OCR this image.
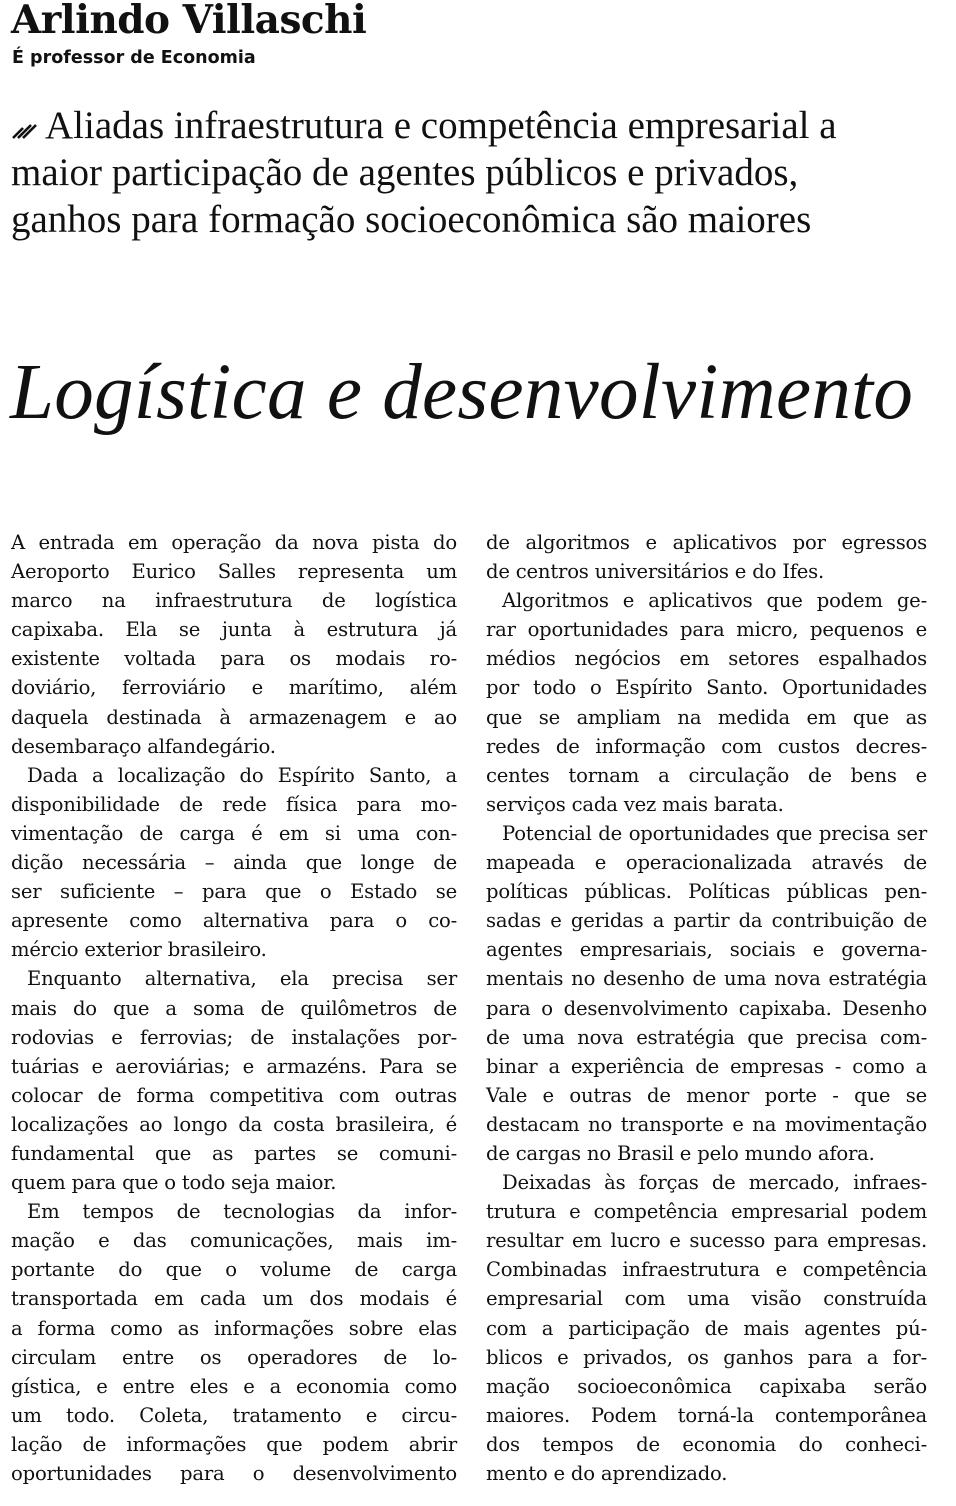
Arlindo Villaschi
É professor de Economia
Aliadas infraestrutura e competência empresarial a
maior participação de agentes públicos e privados,
ganhos para formação socioeconômica são maiores
Logística e desenvolvimento
A entrada em operação da nova pista do
Aeroporto Eurico Salles representa um
marco na infraestrutura de logística
capixaba. Ela se junta à estrutura já
existente voltada para os modais ro-
doviário, ferroviário e marítimo, além
daquela destinada à armazenagem e ao
desembaraço alfandegário.
Dada a localização do Espírito Santo, a
disponibilidade de rede física para mo-
vimentação de carga é em si uma con-
dição necessária – ainda que longe de
ser suficiente – para que o Estado se
apresente como alternativa para o co-
mércio exterior brasileiro.
Enquanto alternativa, ela precisa ser
mais do que a soma de quilômetros de
rodovias e ferrovias; de instalações por-
tuárias e aeroviárias; e armazéns. Para se
colocar de forma competitiva com outras
localizações ao longo da costa brasileira, é
fundamental que as partes se comuni-
quem para que o todo seja maior.
Em tempos de tecnologias da infor-
mação e das comunicações, mais im-
portante do que o volume de carga
transportada em cada um dos modais é
a forma como as informações sobre elas
circulam entre os operadores de lo-
gística, e entre eles e a economia como
um todo. Coleta, tratamento e circu-
lação de informações que podem abrir
oportunidades para o desenvolvimento
de algoritmos e aplicativos por egressos
de centros universitários e do Ifes.
Algoritmos e aplicativos que podem ge-
rar oportunidades para micro, pequenos e
médios negócios em setores espalhados
por todo o Espírito Santo. Oportunidades
que se ampliam na medida em que as
redes de informação com custos decres-
centes tornam a circulação de bens e
serviços cada vez mais barata.
Potencial de oportunidades que precisa ser
mapeada e operacionalizada através de
políticas públicas. Políticas públicas pen-
sadas e geridas a partir da contribuição de
agentes empresariais, sociais e governa-
mentais no desenho de uma nova estratégia
para o desenvolvimento capixaba. Desenho
de uma nova estratégia que precisa com-
binar a experiência de empresas - como a
Vale e outras de menor porte - que se
destacam no transporte e na movimentação
de cargas no Brasil e pelo mundo afora.
Deixadas às forças de mercado, infraes-
trutura e competência empresarial podem
resultar em lucro e sucesso para empresas.
Combinadas infraestrutura e competência
empresarial com uma visão construída
com a participação de mais agentes pú-
blicos e privados, os ganhos para a for-
mação socioeconômica capixaba serão
maiores. Podem torná-la contemporânea
dos tempos de economia do conheci-
mento e do aprendizado.
